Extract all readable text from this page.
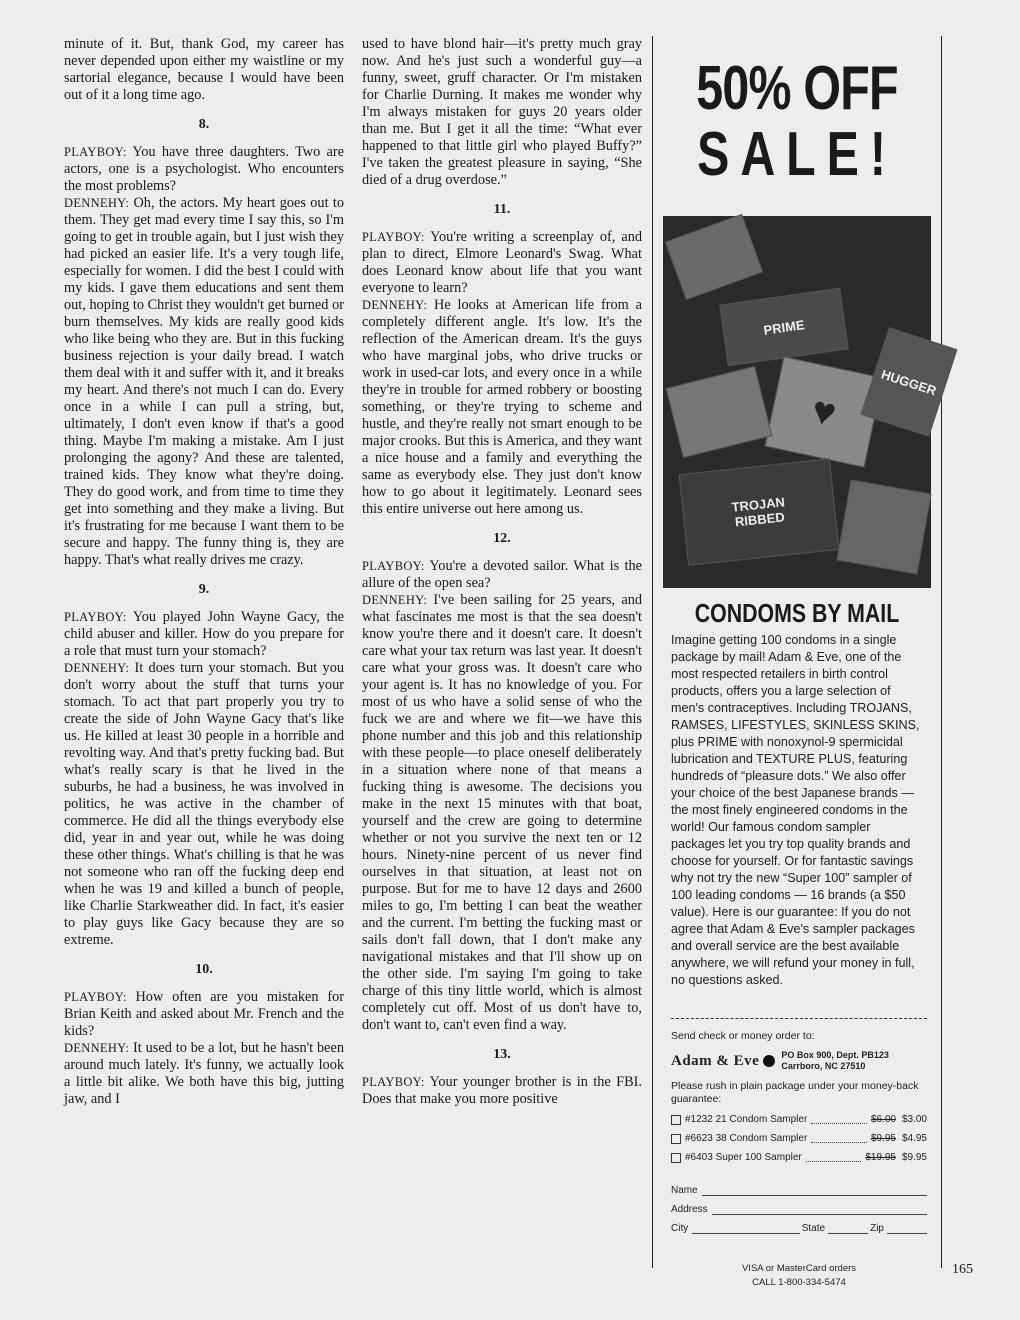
minute of it. But, thank God, my career has never depended upon either my waistline or my sartorial elegance, because I would have been out of it a long time ago.

8.

PLAYBOY: You have three daughters. Two are actors, one is a psychologist. Who encounters the most problems?

DENNEHY: Oh, the actors. My heart goes out to them. They get mad every time I say this, so I'm going to get in trouble again, but I just wish they had picked an easier life. It's a very tough life, especially for women. I did the best I could with my kids. I gave them educations and sent them out, hoping to Christ they wouldn't get burned or burn themselves. My kids are really good kids who like being who they are. But in this fucking business rejection is your daily bread. I watch them deal with it and suffer with it, and it breaks my heart. And there's not much I can do. Every once in a while I can pull a string, but, ultimately, I don't even know if that's a good thing. Maybe I'm making a mistake. Am I just prolonging the agony? And these are talented, trained kids. They know what they're doing. They do good work, and from time to time they get into something and they make a living. But it's frustrating for me because I want them to be secure and happy. The funny thing is, they are happy. That's what really drives me crazy.

9.

PLAYBOY: You played John Wayne Gacy, the child abuser and killer. How do you prepare for a role that must turn your stomach?

DENNEHY: It does turn your stomach. But you don't worry about the stuff that turns your stomach. To act that part properly you try to create the side of John Wayne Gacy that's like us. He killed at least 30 people in a horrible and revolting way. And that's pretty fucking bad. But what's really scary is that he lived in the suburbs, he had a business, he was involved in politics, he was active in the chamber of commerce. He did all the things everybody else did, year in and year out, while he was doing these other things. What's chilling is that he was not someone who ran off the fucking deep end when he was 19 and killed a bunch of people, like Charlie Starkweather did. In fact, it's easier to play guys like Gacy because they are so extreme.

10.

PLAYBOY: How often are you mistaken for Brian Keith and asked about Mr. French and the kids?

DENNEHY: It used to be a lot, but he hasn't been around much lately. It's funny, we actually look a little bit alike. We both have this big, jutting jaw, and I

used to have blond hair—it's pretty much gray now. And he's just such a wonderful guy—a funny, sweet, gruff character. Or I'm mistaken for Charlie Durning. It makes me wonder why I'm always mistaken for guys 20 years older than me. But I get it all the time: “What ever happened to that little girl who played Buffy?” I've taken the greatest pleasure in saying, “She died of a drug overdose.”

11.

PLAYBOY: You're writing a screenplay of, and plan to direct, Elmore Leonard's Swag. What does Leonard know about life that you want everyone to learn?

DENNEHY: He looks at American life from a completely different angle. It's low. It's the reflection of the American dream. It's the guys who have marginal jobs, who drive trucks or work in used-car lots, and every once in a while they're in trouble for armed robbery or boosting something, or they're trying to scheme and hustle, and they're really not smart enough to be major crooks. But this is America, and they want a nice house and a family and everything the same as everybody else. They just don't know how to go about it legitimately. Leonard sees this entire universe out here among us.

12.

PLAYBOY: You're a devoted sailor. What is the allure of the open sea?

DENNEHY: I've been sailing for 25 years, and what fascinates me most is that the sea doesn't know you're there and it doesn't care. It doesn't care what your tax return was last year. It doesn't care what your gross was. It doesn't care who your agent is. It has no knowledge of you. For most of us who have a solid sense of who the fuck we are and where we fit—we have this phone number and this job and this relationship with these people—to place oneself deliberately in a situation where none of that means a fucking thing is awesome. The decisions you make in the next 15 minutes with that boat, yourself and the crew are going to determine whether or not you survive the next ten or 12 hours. Ninety-nine percent of us never find ourselves in that situation, at least not on purpose. But for me to have 12 days and 2600 miles to go, I'm betting I can beat the weather and the current. I'm betting the fucking mast or sails don't fall down, that I don't make any navigational mistakes and that I'll show up on the other side. I'm saying I'm going to take charge of this tiny little world, which is almost completely cut off. Most of us don't have to, don't want to, can't even find a way.

13.

PLAYBOY: Your younger brother is in the FBI. Does that make you more positive

50% OFF
SALE!
PRIME
♥
HUGGER
TROJAN
RIBBED
CONDOMS BY MAIL
Imagine getting 100 condoms in a single package by mail! Adam & Eve, one of the most respected retailers in birth control products, offers you a large selection of men's contraceptives. Including TROJANS, RAMSES, LIFESTYLES, SKINLESS SKINS, plus PRIME with nonoxynol-9 spermicidal lubrication and TEXTURE PLUS, featuring hundreds of “pleasure dots.” We also offer your choice of the best Japanese brands — the most finely engineered condoms in the world! Our famous condom sampler packages let you try top quality brands and choose for yourself. Or for fantastic savings why not try the new “Super 100” sampler of 100 leading condoms — 16 brands (a $50 value). Here is our guarantee: If you do not agree that Adam & Eve's sampler packages and overall service are the best available anywhere, we will refund your money in full, no questions asked.
Send check or money order to:
Adam & Eve PO Box 900, Dept. PB123
Carrboro, NC 27510
Please rush in plain package under your money-back guarantee:
#1232 21 Condom Sampler	$6.00 $3.00
#6623 38 Condom Sampler	$9.95 $4.95
#6403 Super 100 Sampler	$19.95 $9.95
Name
Address
City	State	Zip
VISA or MasterCard orders
CALL 1-800-334-5474
165
